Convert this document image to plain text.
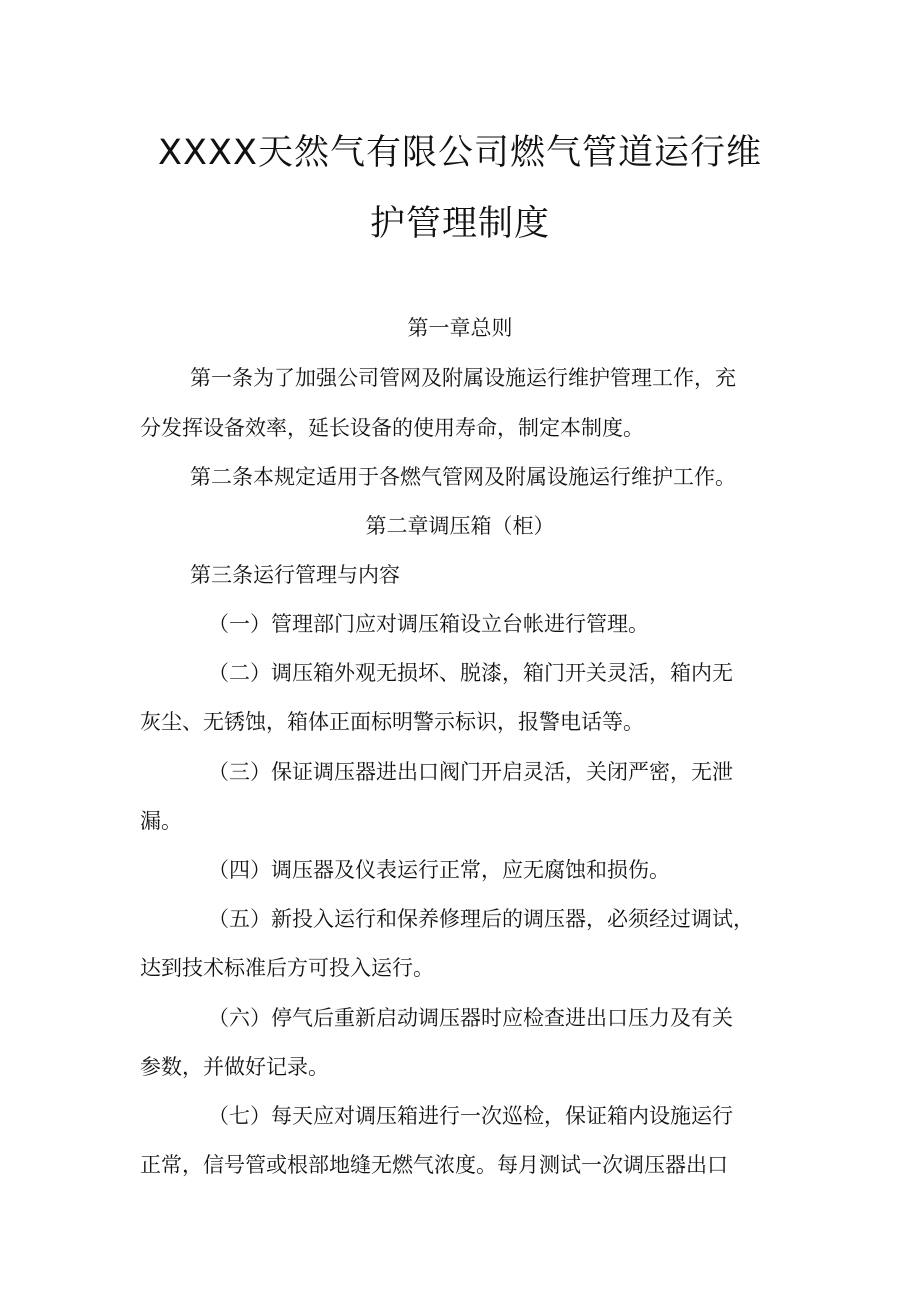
XXXX天然气有限公司燃气管道运行维
护管理制度
第一章总则

第一条为了加强公司管网及附属设施运行维护管理工作，充

分发挥设备效率，延长设备的使用寿命，制定本制度。

第二条本规定适用于各燃气管网及附属设施运行维护工作。

第二章调压箱（柜）

第三条运行管理与内容

（一）管理部门应对调压箱设立台帐进行管理。

（二）调压箱外观无损坏、脱漆，箱门开关灵活，箱内无

灰尘、无锈蚀，箱体正面标明警示标识，报警电话等。

（三）保证调压器进出口阀门开启灵活，关闭严密，无泄

漏。

（四）调压器及仪表运行正常，应无腐蚀和损伤。

（五）新投入运行和保养修理后的调压器，必须经过调试，

达到技术标准后方可投入运行。

（六）停气后重新启动调压器时应检查进出口压力及有关

参数，并做好记录。

（七）每天应对调压箱进行一次巡检，保证箱内设施运行

正常，信号管或根部地缝无燃气浓度。每月测试一次调压器出口
